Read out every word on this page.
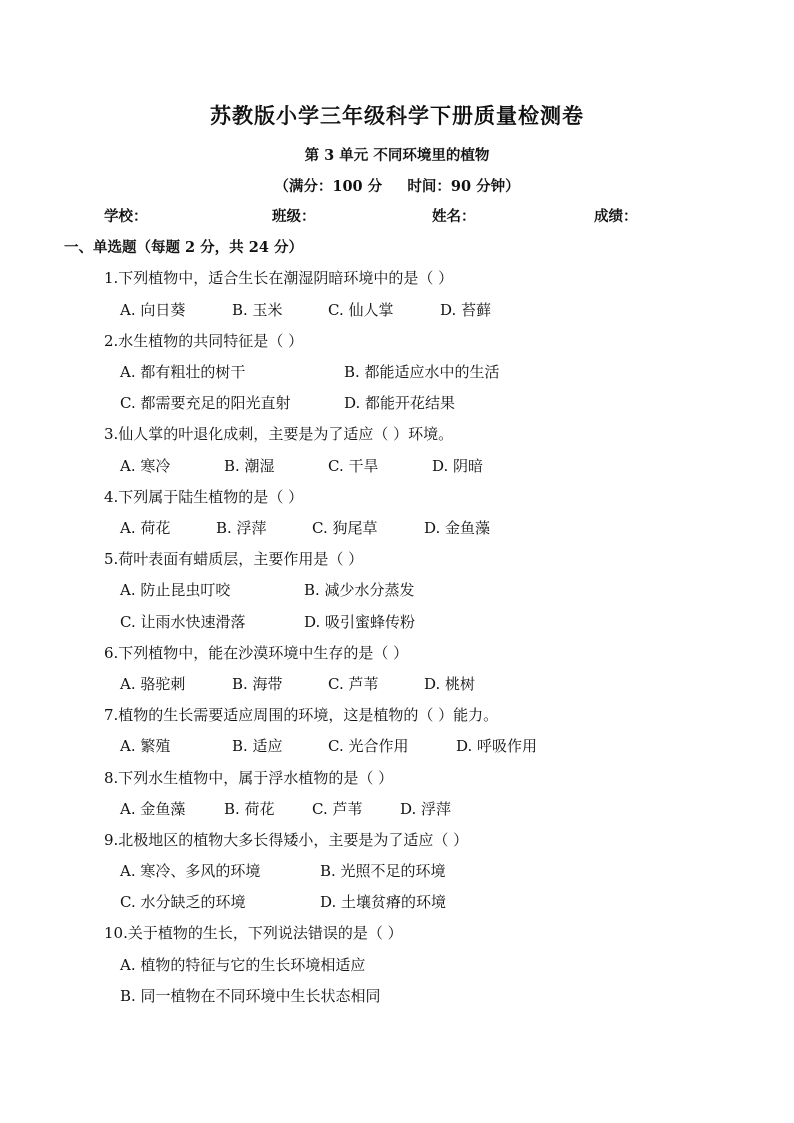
苏教版小学三年级科学下册质量检测卷
第 3 单元 不同环境里的植物
（满分：100 分     时间：90 分钟）
学校：	班级：	姓名：	成绩：
一、单选题（每题 2 分，共 24 分）
1.下列植物中，适合生长在潮湿阴暗环境中的是（ ）
A. 向日葵	B. 玉米	C. 仙人掌	D. 苔藓
2.水生植物的共同特征是（ ）
A. 都有粗壮的树干	B. 都能适应水中的生活
C. 都需要充足的阳光直射	D. 都能开花结果
3.仙人掌的叶退化成刺，主要是为了适应（ ）环境。
A. 寒冷	B. 潮湿	C. 干旱	D. 阴暗
4.下列属于陆生植物的是（ ）
A. 荷花	B. 浮萍	C. 狗尾草	D. 金鱼藻
5.荷叶表面有蜡质层，主要作用是（ ）
A. 防止昆虫叮咬	B. 减少水分蒸发
C. 让雨水快速滑落	D. 吸引蜜蜂传粉
6.下列植物中，能在沙漠环境中生存的是（ ）
A. 骆驼刺	B. 海带	C. 芦苇	D. 桃树
7.植物的生长需要适应周围的环境，这是植物的（ ）能力。
A. 繁殖	B. 适应	C. 光合作用	D. 呼吸作用
8.下列水生植物中，属于浮水植物的是（ ）
A. 金鱼藻	B. 荷花 C. 芦苇	D. 浮萍
9.北极地区的植物大多长得矮小，主要是为了适应（ ）
A. 寒冷、多风的环境	B. 光照不足的环境
C. 水分缺乏的环境	D. 土壤贫瘠的环境
10.关于植物的生长，下列说法错误的是（ ）
A. 植物的特征与它的生长环境相适应
B. 同一植物在不同环境中生长状态相同
